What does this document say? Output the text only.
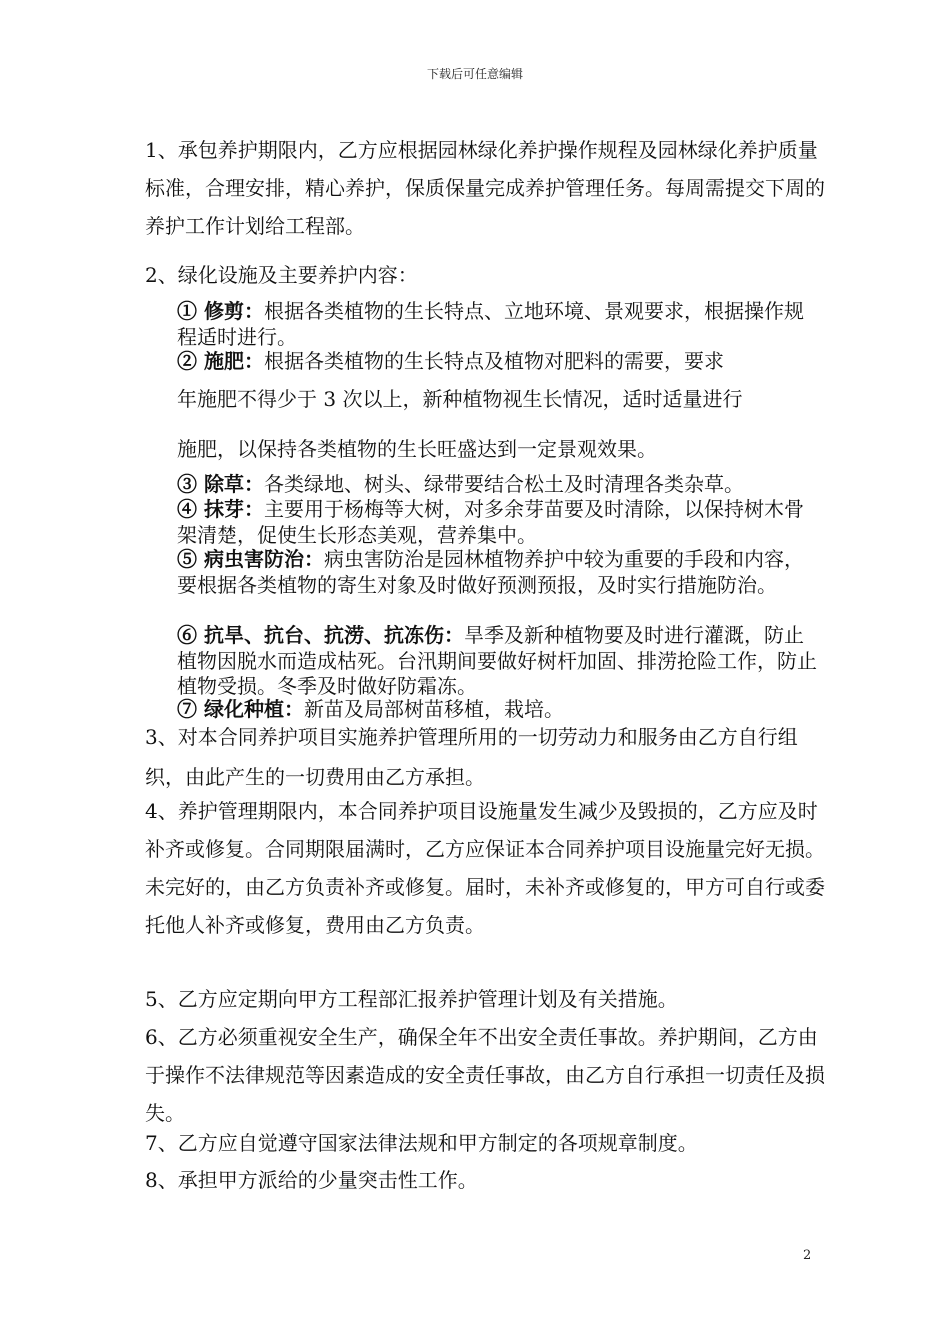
下载后可任意编辑

1、承包养护期限内，乙方应根据园林绿化养护操作规程及园林绿化养护质量标准，合理安排，精心养护，保质保量完成养护管理任务。每周需提交下周的养护工作计划给工程部。

2、绿化设施及主要养护内容：

① 修剪：根据各类植物的生长特点、立地环境、景观要求，根据操作规程适时进行。

② 施肥：根据各类植物的生长特点及植物对肥料的需要，要求
年施肥不得少于 3 次以上，新种植物视生长情况，适时适量进行
施肥，以保持各类植物的生长旺盛达到一定景观效果。

③ 除草：各类绿地、树头、绿带要结合松土及时清理各类杂草。

④ 抹芽：主要用于杨梅等大树，对多余芽苗要及时清除，以保持树木骨架清楚，促使生长形态美观，营养集中。

⑤ 病虫害防治：病虫害防治是园林植物养护中较为重要的手段和内容，要根据各类植物的寄生对象及时做好预测预报，及时实行措施防治。

⑥ 抗旱、抗台、抗涝、抗冻伤：旱季及新种植物要及时进行灌溉，防止植物因脱水而造成枯死。台汛期间要做好树杆加固、排涝抢险工作，防止植物受损。冬季及时做好防霜冻。

⑦ 绿化种植：新苗及局部树苗移植，栽培。

3、对本合同养护项目实施养护管理所用的一切劳动力和服务由乙方自行组织，由此产生的一切费用由乙方承担。

4、养护管理期限内，本合同养护项目设施量发生减少及毁损的，乙方应及时补齐或修复。合同期限届满时，乙方应保证本合同养护项目设施量完好无损。未完好的，由乙方负责补齐或修复。届时，未补齐或修复的，甲方可自行或委托他人补齐或修复，费用由乙方负责。

5、乙方应定期向甲方工程部汇报养护管理计划及有关措施。

6、乙方必须重视安全生产，确保全年不出安全责任事故。养护期间，乙方由于操作不法律规范等因素造成的安全责任事故，由乙方自行承担一切责任及损失。

7、乙方应自觉遵守国家法律法规和甲方制定的各项规章制度。

8、承担甲方派给的少量突击性工作。

2
